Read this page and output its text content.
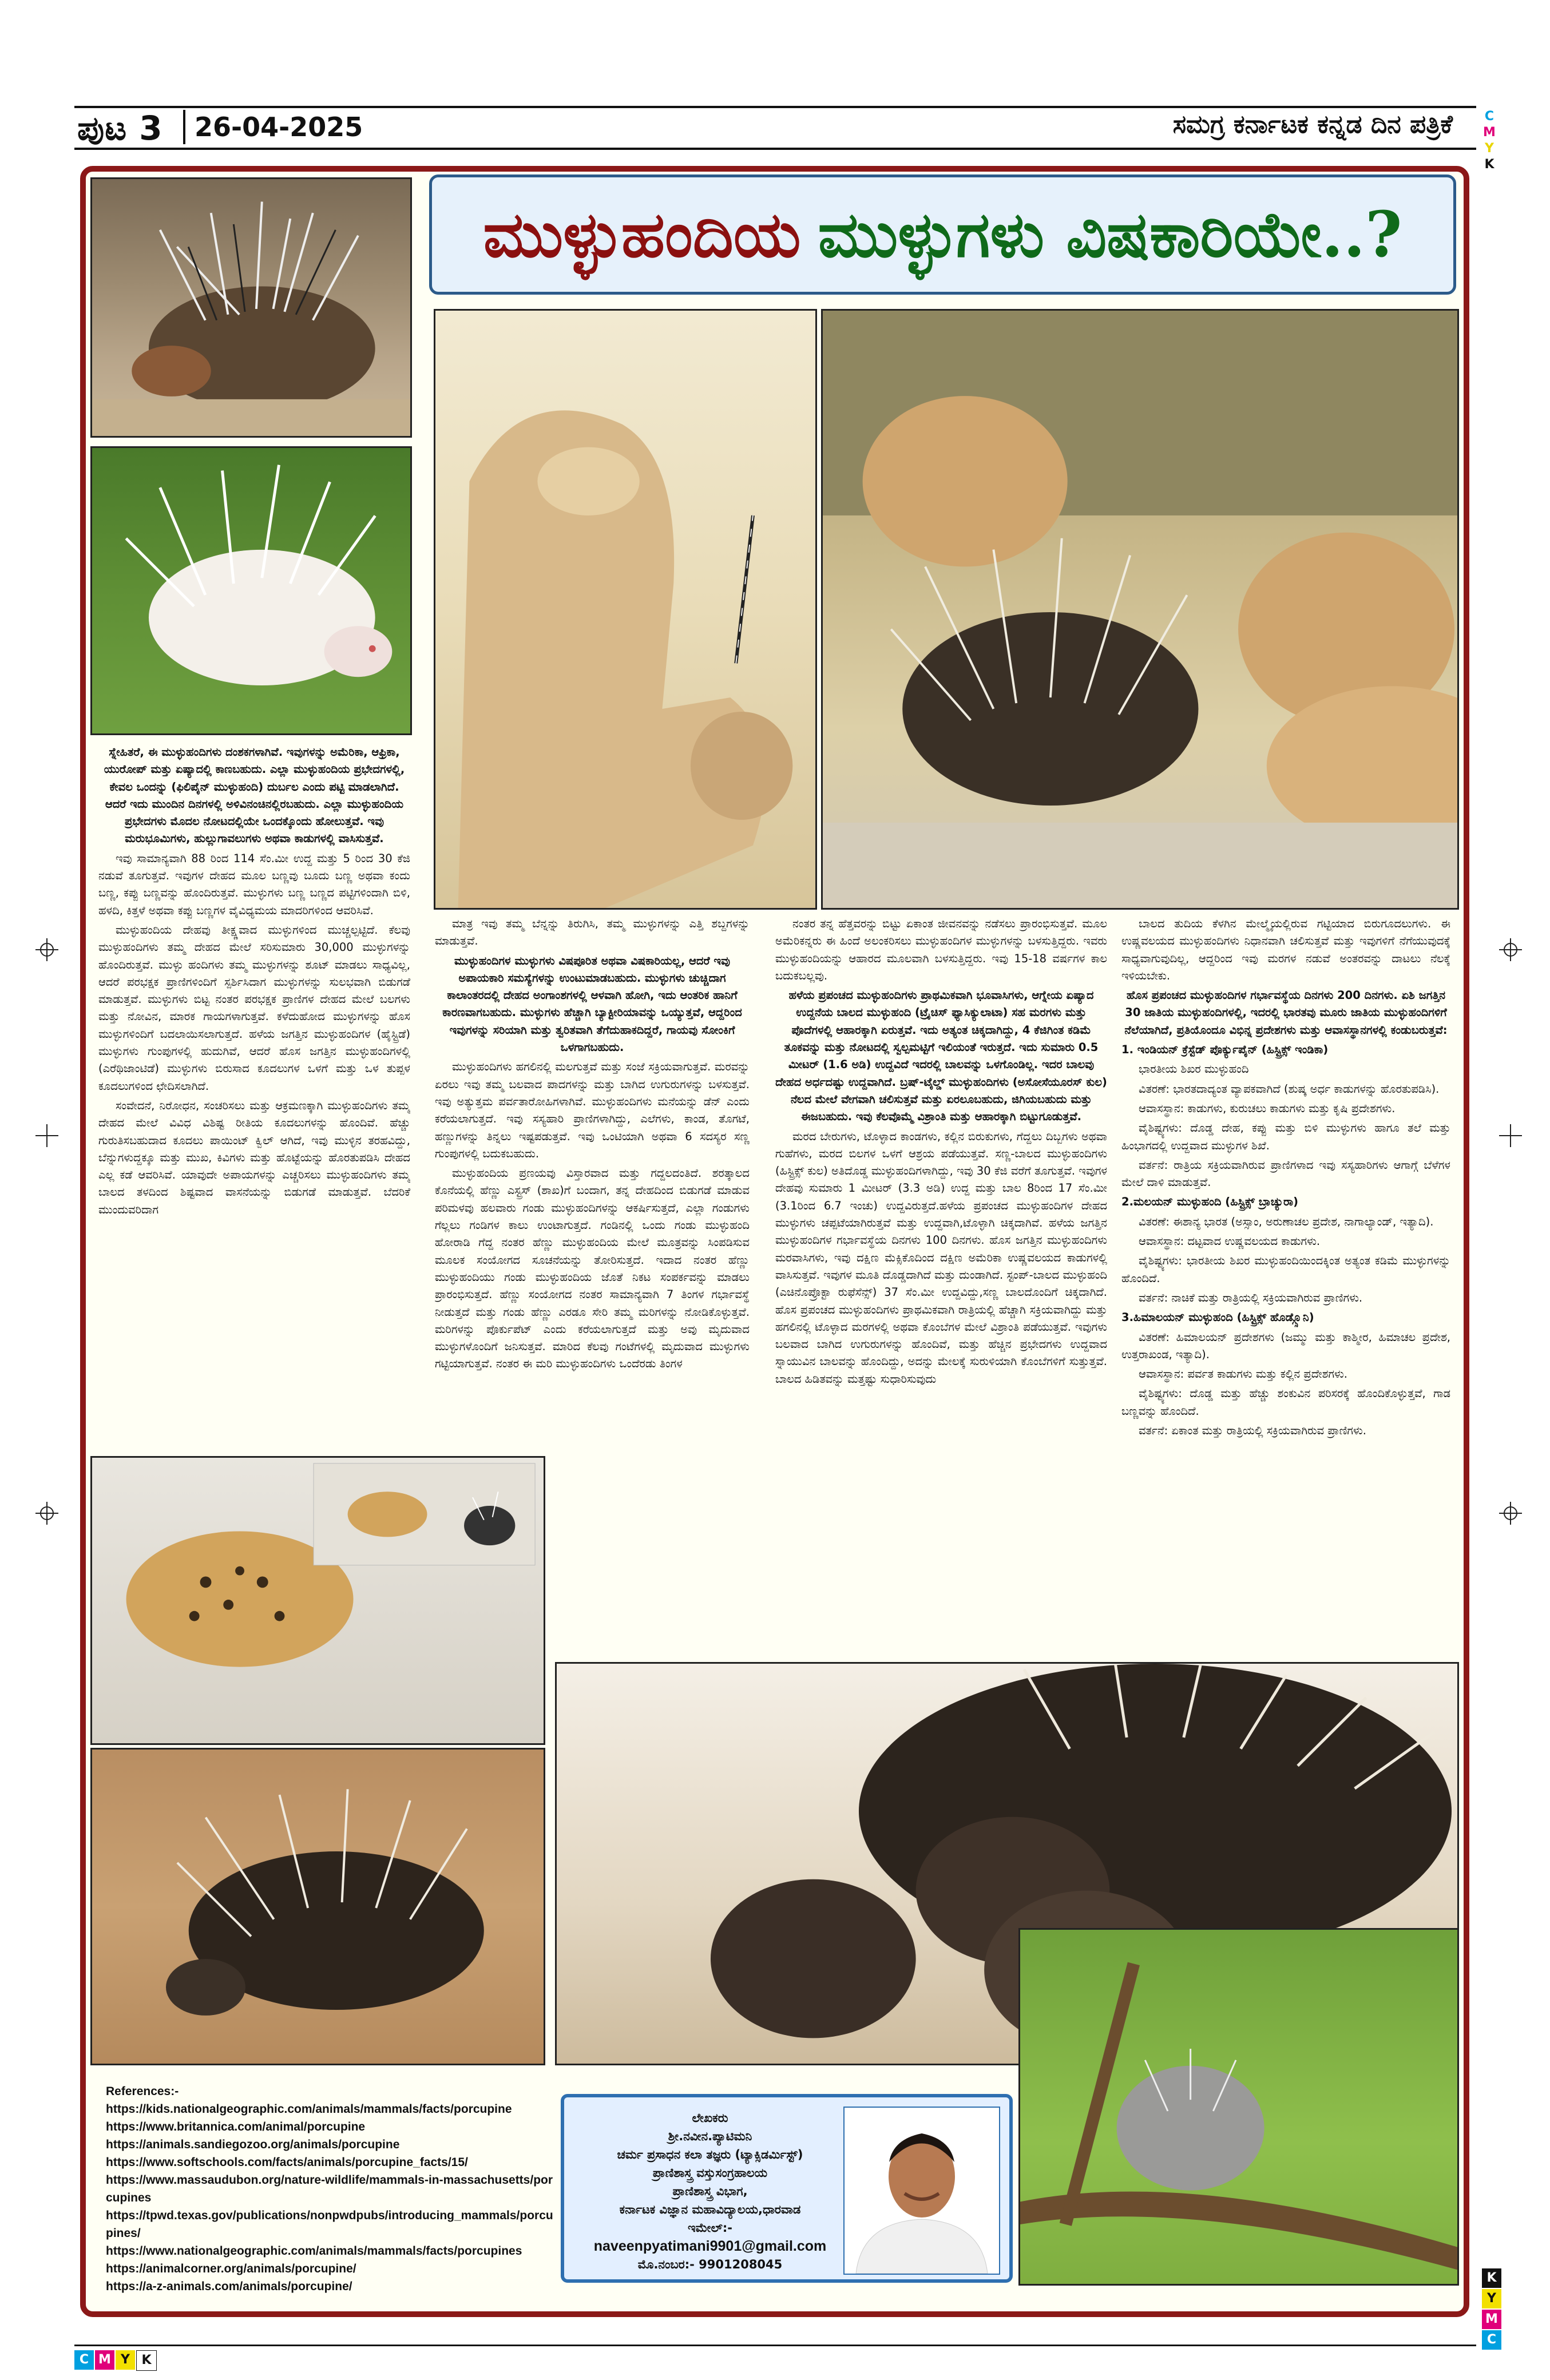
ಪುಟ 3 26-04-2025	ಸಮಗ್ರ ಕರ್ನಾಟಕ ಕನ್ನಡ ದಿನ ಪತ್ರಿಕೆ	C
M
Y
K
K
Y
M
C
C M Y K
ಮುಳ್ಳುಹಂದಿಯ ಮುಳ್ಳುಗಳು ವಿಷಕಾರಿಯೇ..?

ಸ್ನೇಹಿತರೆ, ಈ ಮುಳ್ಳುಹಂದಿಗಳು ದಂಶಕಗಳಾಗಿವೆ. ಇವುಗಳನ್ನು ಅಮೆರಿಕಾ, ಆಫ್ರಿಕಾ, ಯುರೋಪ್ ಮತ್ತು ಏಷ್ಯಾದಲ್ಲಿ ಕಾಣಬಹುದು. ಎಲ್ಲಾ ಮುಳ್ಳುಹಂದಿಯ ಪ್ರಭೇದಗಳಲ್ಲಿ, ಕೇವಲ ಒಂದನ್ನು (ಫಿಲಿಪೈನ್ ಮುಳ್ಳುಹಂದಿ) ದುರ್ಬಲ ಎಂದು ಪಟ್ಟಿ ಮಾಡಲಾಗಿದೆ. ಆದರೆ ಇದು ಮುಂದಿನ ದಿನಗಳಲ್ಲಿ ಅಳಿವಿನಂಚಿನಲ್ಲಿರಬಹುದು. ಎಲ್ಲಾ ಮುಳ್ಳುಹಂದಿಯ ಪ್ರಭೇದಗಳು ಮೊದಲ ನೋಟದಲ್ಲಿಯೇ ಒಂದಕ್ಕೊಂದು ಹೋಲುತ್ತವೆ. ಇವು ಮರುಭೂಮಿಗಳು, ಹುಲ್ಲುಗಾವಲುಗಳು ಅಥವಾ ಕಾಡುಗಳಲ್ಲಿ ವಾಸಿಸುತ್ತವೆ.

ಇವು ಸಾಮಾನ್ಯವಾಗಿ 88 ರಿಂದ 114 ಸೆಂ.ಮೀ ಉದ್ದ ಮತ್ತು 5 ರಿಂದ 30 ಕೆಜಿ ನಡುವೆ ತೂಗುತ್ತವೆ. ಇವುಗಳ ದೇಹದ ಮೂಲ ಬಣ್ಣವು ಬೂದು ಬಣ್ಣ ಅಥವಾ ಕಂದು ಬಣ್ಣ, ಕಪ್ಪು ಬಣ್ಣವನ್ನು ಹೊಂದಿರುತ್ತವೆ. ಮುಳ್ಳುಗಳು ಬಣ್ಣ ಬಣ್ಣದ ಪಟ್ಟಿಗಳಿಂದಾಗಿ ಬಿಳಿ, ಹಳದಿ, ಕಿತ್ತಳೆ ಅಥವಾ ಕಪ್ಪು ಬಣ್ಣಗಳ ವೈವಿಧ್ಯಮಯ ಮಾದರಿಗಳಿಂದ ಆವರಿಸಿವೆ.

ಮುಳ್ಳುಹಂದಿಯ ದೇಹವು ತೀಕ್ಷ್ಣವಾದ ಮುಳ್ಳುಗಳಿಂದ ಮುಚ್ಚಲ್ಪಟ್ಟಿದೆ. ಕೆಲವು ಮುಳ್ಳುಹಂದಿಗಳು ತಮ್ಮ ದೇಹದ ಮೇಲೆ ಸರಿಸುಮಾರು 30,000 ಮುಳ್ಳುಗಳನ್ನು ಹೊಂದಿರುತ್ತವೆ. ಮುಳ್ಳು ಹಂದಿಗಳು ತಮ್ಮ ಮುಳ್ಳುಗಳನ್ನು ಶೂಟ್ ಮಾಡಲು ಸಾಧ್ಯವಿಲ್ಲ, ಆದರೆ ಪರಭಕ್ಷಕ ಪ್ರಾಣಿಗಳಿಂದಿಗೆ ಸ್ಪರ್ಶಿಸಿದಾಗ ಮುಳ್ಳುಗಳನ್ನು ಸುಲಭವಾಗಿ ಬಿಡುಗಡೆ ಮಾಡುತ್ತವೆ. ಮುಳ್ಳುಗಳು ಬಿಟ್ಟ ನಂತರ ಪರಭಕ್ಷಕ ಪ್ರಾಣಿಗಳ ದೇಹದ ಮೇಲೆ ಬಲಗಳು ಮತ್ತು ನೋವಿನ, ಮಾರಕ ಗಾಯಗಳಾಗುತ್ತವೆ. ಕಳೆದುಹೋದ ಮುಳ್ಳುಗಳನ್ನು ಹೊಸ ಮುಳ್ಳುಗಳಿಂದಿಗೆ ಬದಲಾಯಿಸಲಾಗುತ್ತದೆ. ಹಳೆಯ ಜಗತ್ತಿನ ಮುಳ್ಳುಹಂದಿಗಳ (ಹೈಸ್ಟ್ರಿಡೆ) ಮುಳ್ಳುಗಳು ಗುಂಪುಗಳಲ್ಲಿ ಹುದುಗಿವೆ, ಆದರೆ ಹೊಸ ಜಗತ್ತಿನ ಮುಳ್ಳುಹಂದಿಗಳಲ್ಲಿ (ಎರೆಥಿಜಾಂಟಿಡೆ) ಮುಳ್ಳುಗಳು ಬಿರುಸಾದ ಕೂದಲುಗಳ ಒಳಗೆ ಮತ್ತು ಒಳ ತುಪ್ಪಳ ಕೂದಲುಗಳಿಂದ ಛೇದಿಸಲಾಗಿದೆ.

ಸಂವೇದನೆ, ನಿರೋಧನ, ಸಂಚರಿಸಲು ಮತ್ತು ಆಕ್ರಮಣಕ್ಕಾಗಿ ಮುಳ್ಳುಹಂದಿಗಳು ತಮ್ಮ ದೇಹದ ಮೇಲೆ ವಿವಿಧ ವಿಶಿಷ್ಟ ರೀತಿಯ ಕೂದಲುಗಳನ್ನು ಹೊಂದಿವೆ. ಹೆಚ್ಚು ಗುರುತಿಸಬಹುದಾದ ಕೂದಲು ಪಾಯಿಂಟ್ ಕ್ವಿಲ್ ಆಗಿದೆ, ಇವು ಮುಳ್ಳಿನ ತರಹವಿದ್ದು, ಬೆನ್ನುಗಳುದ್ದಕ್ಕೂ ಮತ್ತು ಮುಖ, ಕಿವಿಗಳು ಮತ್ತು ಹೊಟ್ಟೆಯನ್ನು ಹೊರತುಪಡಿಸಿ ದೇಹದ ಎಲ್ಲ ಕಡೆ ಆವರಿಸಿವೆ. ಯಾವುದೇ ಅಪಾಯಗಳನ್ನು ಎಚ್ಚರಿಸಲು ಮುಳ್ಳುಹಂದಿಗಳು ತಮ್ಮ ಬಾಲದ ತಳದಿಂದ ಶಿಷ್ಟವಾದ ವಾಸನೆಯನ್ನು ಬಿಡುಗಡೆ ಮಾಡುತ್ತವೆ. ಬೆದರಿಕೆ ಮುಂದುವರಿದಾಗ

ಮಾತ್ರ ಇವು ತಮ್ಮ ಬೆನ್ನನ್ನು ತಿರುಗಿಸಿ, ತಮ್ಮ ಮುಳ್ಳುಗಳನ್ನು ಎತ್ತಿ ಶಬ್ದಗಳನ್ನು ಮಾಡುತ್ತವೆ.

ಮುಳ್ಳುಹಂದಿಗಳ ಮುಳ್ಳುಗಳು ವಿಷಪೂರಿತ ಅಥವಾ ವಿಷಕಾರಿಯಲ್ಲ, ಆದರೆ ಇವು ಅಪಾಯಕಾರಿ ಸಮಸ್ಯೆಗಳನ್ನು ಉಂಟುಮಾಡಬಹುದು. ಮುಳ್ಳುಗಳು ಚುಚ್ಚಿದಾಗ ಕಾಲಾಂತರದಲ್ಲಿ ದೇಹದ ಅಂಗಾಂಶಗಳಲ್ಲಿ ಆಳವಾಗಿ ಹೋಗಿ, ಇದು ಆಂತರಿಕ ಹಾನಿಗೆ ಕಾರಣವಾಗಬಹುದು. ಮುಳ್ಳುಗಳು ಹೆಚ್ಚಾಗಿ ಬ್ಯಾಕ್ಟೀರಿಯಾವನ್ನು ಒಯ್ಯುತ್ತವೆ, ಆದ್ದರಿಂದ ಇವುಗಳನ್ನು ಸರಿಯಾಗಿ ಮತ್ತು ತ್ವರಿತವಾಗಿ ತೆಗೆದುಹಾಕದಿದ್ದರೆ, ಗಾಯವು ಸೋಂಕಿಗೆ ಒಳಗಾಗಬಹುದು.

ಮುಳ್ಳುಹಂದಿಗಳು ಹಗಲಿನಲ್ಲಿ ಮಲಗುತ್ತವೆ ಮತ್ತು ಸಂಜೆ ಸಕ್ರಿಯವಾಗುತ್ತವೆ. ಮರವನ್ನು ಏರಲು ಇವು ತಮ್ಮ ಬಲವಾದ ಪಾದಗಳನ್ನು ಮತ್ತು ಬಾಗಿದ ಉಗುರುಗಳನ್ನು ಬಳಸುತ್ತವೆ. ಇವು ಅತ್ಯುತ್ತಮ ಪರ್ವತಾರೋಹಿಗಳಾಗಿವೆ. ಮುಳ್ಳುಹಂದಿಗಳು ಮನೆಯನ್ನು ಡೆನ್ ಎಂದು ಕರೆಯಲಾಗುತ್ತದೆ. ಇವು ಸಸ್ಯಹಾರಿ ಪ್ರಾಣಿಗಳಾಗಿದ್ದು, ಎಲೆಗಳು, ಕಾಂಡ, ತೊಗಟೆ, ಹಣ್ಣುಗಳನ್ನು ತಿನ್ನಲು ಇಷ್ಟಪಡುತ್ತವೆ. ಇವು ಒಂಟಿಯಾಗಿ ಅಥವಾ 6 ಸದಸ್ಯರ ಸಣ್ಣ ಗುಂಪುಗಳಲ್ಲಿ ಬದುಕಬಹುದು.

ಮುಳ್ಳುಹಂದಿಯ ಪ್ರಣಯವು ವಿಸ್ತಾರವಾದ ಮತ್ತು ಗದ್ದಲದಂತಿದೆ. ಶರತ್ಕಾಲದ ಕೊನೆಯಲ್ಲಿ ಹೆಣ್ಣು ಎಸ್ಟ್ರಸ್ (ಶಾಖ)ಗೆ ಬಂದಾಗ, ತನ್ನ ದೇಹದಿಂದ ಬಿಡುಗಡೆ ಮಾಡುವ ಪರಿಮಳವು ಹಲವಾರು ಗಂಡು ಮುಳ್ಳುಹಂದಿಗಳನ್ನು ಆಕರ್ಷಿಸುತ್ತದೆ, ಎಲ್ಲಾ ಗಂಡುಗಳು ಗೆಲ್ಲಲು ಗಂಡಿಗಳ ಕಾಲು ಉಂಟಾಗುತ್ತದೆ. ಗಂಡಿನಲ್ಲಿ ಒಂದು ಗಂಡು ಮುಳ್ಳುಹಂದಿ ಹೋರಾಡಿ ಗೆದ್ದ ನಂತರ ಹೆಣ್ಣು ಮುಳ್ಳುಹಂದಿಯ ಮೇಲೆ ಮೂತ್ರವನ್ನು ಸಿಂಪಡಿಸುವ ಮೂಲಕ ಸಂಯೋಗದ ಸೂಚನೆಯನ್ನು ತೋರಿಸುತ್ತದೆ. ಇದಾದ ನಂತರ ಹೆಣ್ಣು ಮುಳ್ಳುಹಂದಿಯು ಗಂಡು ಮುಳ್ಳುಹಂದಿಯ ಜೊತೆ ನಿಕಟ ಸಂಪರ್ಕವನ್ನು ಮಾಡಲು ಪ್ರಾರಂಭಿಸುತ್ತದೆ. ಹೆಣ್ಣು ಸಂಯೋಗದ ನಂತರ ಸಾಮಾನ್ಯವಾಗಿ 7 ತಿಂಗಳ ಗರ್ಭಾವಸ್ಥೆ ನೀಡುತ್ತದೆ ಮತ್ತು ಗಂಡು ಹೆಣ್ಣು ಎರಡೂ ಸೇರಿ ತಮ್ಮ ಮರಿಗಳನ್ನು ನೋಡಿಕೊಳ್ಳುತ್ತವೆ. ಮರಿಗಳನ್ನು ಪೊರ್ಕುಪೆಟ್ ಎಂದು ಕರೆಯಲಾಗುತ್ತದೆ ಮತ್ತು ಅವು ಮೃದುವಾದ ಮುಳ್ಳುಗಳೊಂದಿಗೆ ಜನಿಸುತ್ತವೆ. ಮಾರಿದ ಕೆಲವು ಗಂಟೆಗಳಲ್ಲಿ ಮೃದುವಾದ ಮುಳ್ಳುಗಳು ಗಟ್ಟಿಯಾಗುತ್ತವೆ. ನಂತರ ಈ ಮರಿ ಮುಳ್ಳುಹಂದಿಗಳು ಒಂದೆರಡು ತಿಂಗಳ

ನಂತರ ತನ್ನ ಹೆತ್ತವರನ್ನು ಬಿಟ್ಟು ಏಕಾಂತ ಜೀವನವನ್ನು ನಡೆಸಲು ಪ್ರಾರಂಭಿಸುತ್ತವೆ. ಮೂಲ ಅಮೆರಿಕನ್ನರು ಈ ಹಿಂದೆ ಅಲಂಕರಿಸಲು ಮುಳ್ಳುಹಂದಿಗಳ ಮುಳ್ಳುಗಳನ್ನು ಬಳಸುತ್ತಿದ್ದರು. ಇವರು ಮುಳ್ಳುಹಂದಿಯನ್ನು ಆಹಾರದ ಮೂಲವಾಗಿ ಬಳಸುತ್ತಿದ್ದರು. ಇವು 15-18 ವರ್ಷಗಳ ಕಾಲ ಬದುಕಬಲ್ಲವು.

ಹಳೆಯ ಪ್ರಪಂಚದ ಮುಳ್ಳುಹಂದಿಗಳು ಪ್ರಾಥಮಿಕವಾಗಿ ಭೂವಾಸಿಗಳು, ಆಗ್ನೇಯ ಏಷ್ಯಾದ ಉದ್ದನೆಯ ಬಾಲದ ಮುಳ್ಳುಹಂದಿ (ಟ್ರೈಚಿಸ್ ಫ್ಯಾಸಿಕ್ಯುಲಾಟಾ) ಸಹ ಮರಗಳು ಮತ್ತು ಪೊದೆಗಳಲ್ಲಿ ಆಹಾರಕ್ಕಾಗಿ ಏರುತ್ತವೆ. ಇದು ಅತ್ಯಂತ ಚಿಕ್ಕದಾಗಿದ್ದು, 4 ಕೆಜಿಗಿಂತ ಕಡಿಮೆ ತೂಕವನ್ನು ಮತ್ತು ನೋಟದಲ್ಲಿ ಸ್ವಲ್ಪಮಟ್ಟಿಗೆ ಇಲಿಯಂತೆ ಇರುತ್ತದೆ. ಇದು ಸುಮಾರು 0.5 ಮೀಟರ್ (1.6 ಅಡಿ) ಉದ್ದವಿದೆ ಇದರಲ್ಲಿ ಬಾಲವನ್ನು ಒಳಗೊಂಡಿಲ್ಲ. ಇದರ ಬಾಲವು ದೇಹದ ಅರ್ಧದಷ್ಟು ಉದ್ದವಾಗಿದೆ. ಬ್ರಷ್-ಟೈಲ್ಡ್ ಮುಳ್ಳುಹಂದಿಗಳು (ಅಸೋಸೆಯೂರಸ್ ಕುಲ) ನೆಲದ ಮೇಲೆ ವೇಗವಾಗಿ ಚಲಿಸುತ್ತವೆ ಮತ್ತು ಏರಲೂಬಹುದು, ಜಿಗಿಯಬಹುದು ಮತ್ತು ಈಜಬಹುದು. ಇವು ಕೆಲವೊಮ್ಮೆ ವಿಶ್ರಾಂತಿ ಮತ್ತು ಆಹಾರಕ್ಕಾಗಿ ಬಿಟ್ಟುಗೂಡುತ್ತವೆ.

ಮರದ ಬೇರುಗಳು, ಟೊಳ್ಳಾದ ಕಾಂಡಗಳು, ಕಲ್ಲಿನ ಬಿರುಕುಗಳು, ಗೆದ್ದಲು ದಿಬ್ಬಗಳು ಅಥವಾ ಗುಹೆಗಳು, ಮರದ ಬಿಲಗಳ ಒಳಗೆ ಆಶ್ರಯ ಪಡೆಯುತ್ತವೆ. ಸಣ್ಣ-ಬಾಲದ ಮುಳ್ಳುಹಂದಿಗಳು (ಹಿಸ್ಟ್ರಿಕ್ಸ್ ಕುಲ) ಅತಿದೊಡ್ಡ ಮುಳ್ಳುಹಂದಿಗಳಾಗಿದ್ದು, ಇವು 30 ಕೆಜಿ ವರೆಗೆ ತೂಗುತ್ತವೆ. ಇವುಗಳ ದೇಹವು ಸುಮಾರು 1 ಮೀಟರ್ (3.3 ಅಡಿ) ಉದ್ದ ಮತ್ತು ಬಾಲ 8ರಿಂದ 17 ಸೆಂ.ಮೀ (3.1ರಿಂದ 6.7 ಇಂಚು) ಉದ್ದವಿರುತ್ತದೆ.ಹಳೆಯ ಪ್ರಪಂಚದ ಮುಳ್ಳುಹಂದಿಗಳ ದೇಹದ ಮುಳ್ಳುಗಳು ಚಪ್ಪಟೆಯಾಗಿರುತ್ತವೆ ಮತ್ತು ಉದ್ದವಾಗಿ,ಟೊಳ್ಳಾಗಿ ಚಿಕ್ಕದಾಗಿವೆ. ಹಳೆಯ ಜಗತ್ತಿನ ಮುಳ್ಳುಹಂದಿಗಳ ಗರ್ಭಾವಸ್ಥೆಯ ದಿನಗಳು 100 ದಿನಗಳು. ಹೊಸ ಜಗತ್ತಿನ ಮುಳ್ಳುಹಂದಿಗಳು ಮರವಾಸಿಗಳು, ಇವು ದಕ್ಷಿಣ ಮೆಕ್ಸಿಕೊದಿಂದ ದಕ್ಷಿಣ ಅಮೆರಿಕಾ ಉಷ್ಣವಲಯದ ಕಾಡುಗಳಲ್ಲಿ ವಾಸಿಸುತ್ತವೆ. ಇವುಗಳ ಮೂತಿ ದೊಡ್ಡದಾಗಿದೆ ಮತ್ತು ದುಂಡಾಗಿದೆ. ಸ್ಟಂಪ್-ಬಾಲದ ಮುಳ್ಳುಹಂದಿ (ಎಚಿನೊಪ್ರೊಕ್ಟಾ ರುಫೆಸೆನ್ಸ್) 37 ಸೆಂ.ಮೀ ಉದ್ದವಿದ್ದು,ಸಣ್ಣ ಬಾಲದೊಂದಿಗೆ ಚಿಕ್ಕದಾಗಿದೆ. ಹೊಸ ಪ್ರಪಂಚದ ಮುಳ್ಳುಹಂದಿಗಳು ಪ್ರಾಥಮಿಕವಾಗಿ ರಾತ್ರಿಯಲ್ಲಿ ಹೆಚ್ಚಾಗಿ ಸಕ್ರಿಯವಾಗಿದ್ದು ಮತ್ತು ಹಗಲಿನಲ್ಲಿ ಟೊಳ್ಳಾದ ಮರಗಳಲ್ಲಿ ಅಥವಾ ಕೊಂಬೆಗಳ ಮೇಲೆ ವಿಶ್ರಾಂತಿ ಪಡೆಯುತ್ತವೆ. ಇವುಗಳು ಬಲವಾದ ಬಾಗಿದ ಉಗುರುಗಳನ್ನು ಹೊಂದಿವೆ, ಮತ್ತು ಹೆಚ್ಚಿನ ಪ್ರಭೇದಗಳು ಉದ್ದವಾದ ಸ್ನಾಯುವಿನ ಬಾಲವನ್ನು ಹೊಂದಿದ್ದು, ಅದನ್ನು ಮೇಲಕ್ಕೆ ಸುರುಳಿಯಾಗಿ ಕೊಂಬೆಗಳಿಗೆ ಸುತ್ತುತ್ತವೆ. ಬಾಲದ ಹಿಡಿತವನ್ನು ಮತ್ತಷ್ಟು ಸುಧಾರಿಸುವುದು

ಬಾಲದ ತುದಿಯ ಕೆಳಗಿನ ಮೇಲ್ಮೈಯಲ್ಲಿರುವ ಗಟ್ಟಿಯಾದ ಬಿರುಗೂದಲುಗಳು. ಈ ಉಷ್ಣವಲಯದ ಮುಳ್ಳುಹಂದಿಗಳು ನಿಧಾನವಾಗಿ ಚಲಿಸುತ್ತವೆ ಮತ್ತು ಇವುಗಳಿಗೆ ನೆಗೆಯುವುದಕ್ಕೆ ಸಾಧ್ಯವಾಗುವುದಿಲ್ಲ, ಆದ್ದರಿಂದ ಇವು ಮರಗಳ ನಡುವೆ ಅಂತರವನ್ನು ದಾಟಲು ನೆಲಕ್ಕೆ ಇಳಿಯಬೇಕು.

ಹೊಸ ಪ್ರಪಂಚದ ಮುಳ್ಳುಹಂದಿಗಳ ಗರ್ಭಾವಸ್ಥೆಯ ದಿನಗಳು 200 ದಿನಗಳು. ಏಶಿ ಜಗತ್ತಿನ 30 ಜಾತಿಯ ಮುಳ್ಳುಹಂದಿಗಳಲ್ಲಿ, ಇದರಲ್ಲಿ ಭಾರತವು ಮೂರು ಜಾತಿಯ ಮುಳ್ಳುಹಂದಿಗಳಿಗೆ ನೆಲೆಯಾಗಿದೆ, ಪ್ರತಿಯೊಂದೂ ವಿಭಿನ್ನ ಪ್ರದೇಶಗಳು ಮತ್ತು ಆವಾಸಸ್ಥಾನಗಳಲ್ಲಿ ಕಂಡುಬರುತ್ತವೆ:

1. ಇಂಡಿಯನ್ ಕ್ರೆಸ್ಟೆಡ್ ಪೊರ್ಕ್ಯುಪೈನ್ (ಹಿಸ್ಟ್ರಿಕ್ಸ್ ಇಂಡಿಕಾ)

ಭಾರತೀಯ ಶಿಖರ ಮುಳ್ಳುಹಂದಿ

ವಿತರಣೆ: ಭಾರತದಾದ್ಯಂತ ವ್ಯಾಪಕವಾಗಿದೆ (ಶುಷ್ಕ ಅರ್ಧ ಕಾಡುಗಳನ್ನು ಹೊರತುಪಡಿಸಿ).

ಆವಾಸಸ್ಥಾನ: ಕಾಡುಗಳು, ಕುರುಚಲು ಕಾಡುಗಳು ಮತ್ತು ಕೃಷಿ ಪ್ರದೇಶಗಳು.

ವೈಶಿಷ್ಟ್ಯಗಳು: ದೊಡ್ಡ ದೇಹ, ಕಪ್ಪು ಮತ್ತು ಬಿಳಿ ಮುಳ್ಳುಗಳು ಹಾಗೂ ತಲೆ ಮತ್ತು ಹಿಂಭಾಗದಲ್ಲಿ ಉದ್ದವಾದ ಮುಳ್ಳುಗಳ ಶಿಖೆ.

ವರ್ತನೆ: ರಾತ್ರಿಯ ಸಕ್ರಿಯವಾಗಿರುವ ಪ್ರಾಣಿಗಳಾದ ಇವು ಸಸ್ಯಹಾರಿಗಳು ಆಗಾಗ್ಗೆ ಬೆಳೆಗಳ ಮೇಲೆ ದಾಳಿ ಮಾಡುತ್ತವೆ.

2.ಮಲಯನ್ ಮುಳ್ಳುಹಂದಿ (ಹಿಸ್ಟ್ರಿಕ್ಸ್ ಬ್ರಾಚ್ಯುರಾ)

ವಿತರಣೆ: ಈಶಾನ್ಯ ಭಾರತ (ಅಸ್ಸಾಂ, ಅರುಣಾಚಲ ಪ್ರದೇಶ, ನಾಗಾಲ್ಯಾಂಡ್, ಇತ್ಯಾದಿ).

ಆವಾಸಸ್ಥಾನ: ದಟ್ಟವಾದ ಉಷ್ಣವಲಯದ ಕಾಡುಗಳು.

ವೈಶಿಷ್ಟ್ಯಗಳು: ಭಾರತೀಯ ಶಿಖರ ಮುಳ್ಳುಹಂದಿಯಿಂದಕ್ಕಿಂತ ಅತ್ಯಂತ ಕಡಿಮೆ ಮುಳ್ಳುಗಳನ್ನು ಹೊಂದಿದೆ.

ವರ್ತನೆ: ನಾಚಿಕೆ ಮತ್ತು ರಾತ್ರಿಯಲ್ಲಿ ಸಕ್ರಿಯವಾಗಿರುವ ಪ್ರಾಣಿಗಳು.

3.ಹಿಮಾಲಯನ್ ಮುಳ್ಳುಹಂದಿ (ಹಿಸ್ಟ್ರಿಕ್ಸ್ ಹೊಡ್ಗ್ಸೊನಿ)

ವಿತರಣೆ: ಹಿಮಾಲಯನ್ ಪ್ರದೇಶಗಳು (ಜಮ್ಮು ಮತ್ತು ಕಾಶ್ಮೀರ, ಹಿಮಾಚಲ ಪ್ರದೇಶ, ಉತ್ತರಾಖಂಡ, ಇತ್ಯಾದಿ).

ಆವಾಸಸ್ಥಾನ: ಪರ್ವತ ಕಾಡುಗಳು ಮತ್ತು ಕಲ್ಲಿನ ಪ್ರದೇಶಗಳು.

ವೈಶಿಷ್ಟ್ಯಗಳು: ದೊಡ್ಡ ಮತ್ತು ಹೆಚ್ಚು ಶಂಕುವಿನ ಪರಿಸರಕ್ಕೆ ಹೊಂದಿಕೊಳ್ಳುತ್ತವೆ, ಗಾಡ ಬಣ್ಣವನ್ನು ಹೊಂದಿದೆ.

ವರ್ತನೆ: ಏಕಾಂತ ಮತ್ತು ರಾತ್ರಿಯಲ್ಲಿ ಸಕ್ರಿಯವಾಗಿರುವ ಪ್ರಾಣಿಗಳು.

References:-
https://kids.nationalgeographic.com/animals/mammals/facts/porcupine
https://www.britannica.com/animal/porcupine
https://animals.sandiegozoo.org/animals/porcupine
https://www.softschools.com/facts/animals/porcupine_facts/15/
https://www.massaudubon.org/nature-wildlife/mammals-in-massachusetts/porcupines
https://tpwd.texas.gov/publications/nonpwdpubs/introducing_mammals/porcupines/
https://www.nationalgeographic.com/animals/mammals/facts/porcupines
https://animalcorner.org/animals/porcupine/
https://a-z-animals.com/animals/porcupine/
ಲೇಖಕರು
ಶ್ರೀ.ನವೀನ.ಪ್ಯಾಟಿಮನಿ
ಚರ್ಮ ಪ್ರಸಾಧನ ಕಲಾ ತಜ್ಞರು (ಟ್ಯಾಕ್ಸಿಡರ್ಮಿಸ್ಟ್)
ಪ್ರಾಣಿಶಾಸ್ತ್ರ ವಸ್ತುಸಂಗ್ರಹಾಲಯ
ಪ್ರಾಣಿಶಾಸ್ತ್ರ ವಿಭಾಗ,
ಕರ್ನಾಟಕ ವಿಜ್ಞಾನ ಮಹಾವಿದ್ಯಾಲಯ,ಧಾರವಾಡ
ಇಮೇಲ್:-
naveenpyatimani9901@gmail.com
ಮೊ.ನಂಬರ:- 9901208045
